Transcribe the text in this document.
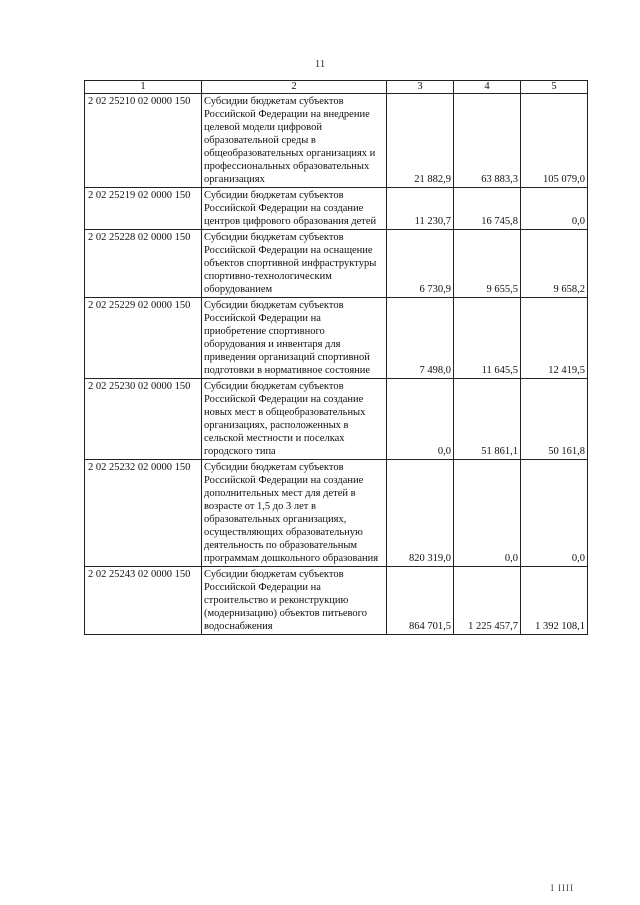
11
1	2	3	4	5
2 02 25210 02 0000 150	Субсидии бюджетам субъектов Российской Федерации на внедрение целевой модели цифровой образовательной среды в общеобразовательных организациях и профессиональных образовательных организациях	21 882,9	63 883,3	105 079,0
2 02 25219 02 0000 150	Субсидии бюджетам субъектов Российской Федерации на создание центров цифрового образования детей	11 230,7	16 745,8	0,0
2 02 25228 02 0000 150	Субсидии бюджетам субъектов Российской Федерации на оснащение объектов спортивной инфраструктуры спортивно-технологическим оборудованием	6 730,9	9 655,5	9 658,2
2 02 25229 02 0000 150	Субсидии бюджетам субъектов Российской Федерации на приобретение спортивного оборудования и инвентаря для приведения организаций спортивной подготовки в нормативное состояние	7 498,0	11 645,5	12 419,5
2 02 25230 02 0000 150	Субсидии бюджетам субъектов Российской Федерации на создание новых мест в общеобразовательных организациях, расположенных в сельской местности и поселках городского типа	0,0	51 861,1	50 161,8
2 02 25232 02 0000 150	Субсидии бюджетам субъектов Российской Федерации на создание дополнительных мест для детей в возрасте от 1,5 до 3 лет в образовательных организациях, осуществляющих образовательную деятельность по образовательным программам дошкольного образования	820 319,0	0,0	0,0
2 02 25243 02 0000 150	Субсидии бюджетам субъектов Российской Федерации на строительство и реконструкцию (модернизацию) объектов питьевого водоснабжения	864 701,5	1 225 457,7	1 392 108,1
I IIII
